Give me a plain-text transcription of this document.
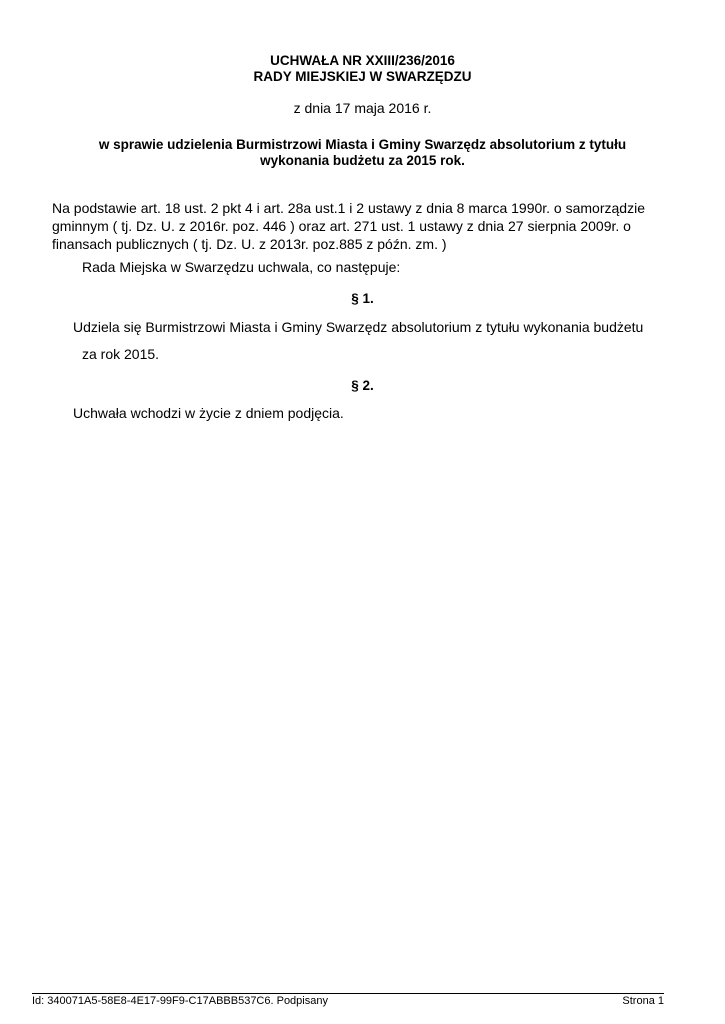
UCHWAŁA NR XXIII/236/2016
RADY MIEJSKIEJ W SWARZĘDZU
z dnia 17 maja 2016 r.
w sprawie udzielenia Burmistrzowi Miasta i Gminy Swarzędz absolutorium z tytułu
wykonania budżetu za 2015 rok.
Na podstawie art. 18 ust. 2 pkt 4 i art. 28a ust.1 i 2 ustawy z dnia 8 marca 1990r. o samorządzie
gminnym ( tj. Dz. U. z 2016r. poz. 446 ) oraz art. 271 ust. 1 ustawy z dnia 27 sierpnia 2009r. o
finansach publicznych ( tj. Dz. U. z 2013r. poz.885 z późn. zm. )
Rada Miejska w Swarzędzu uchwala, co następuje:
§ 1.
Udziela się Burmistrzowi Miasta i Gminy Swarzędz absolutorium z tytułu wykonania budżetu
za rok 2015.
§ 2.
Uchwała wchodzi w życie z dniem podjęcia.
Id: 340071A5-58E8-4E17-99F9-C17ABBB537C6. Podpisany	Strona 1
